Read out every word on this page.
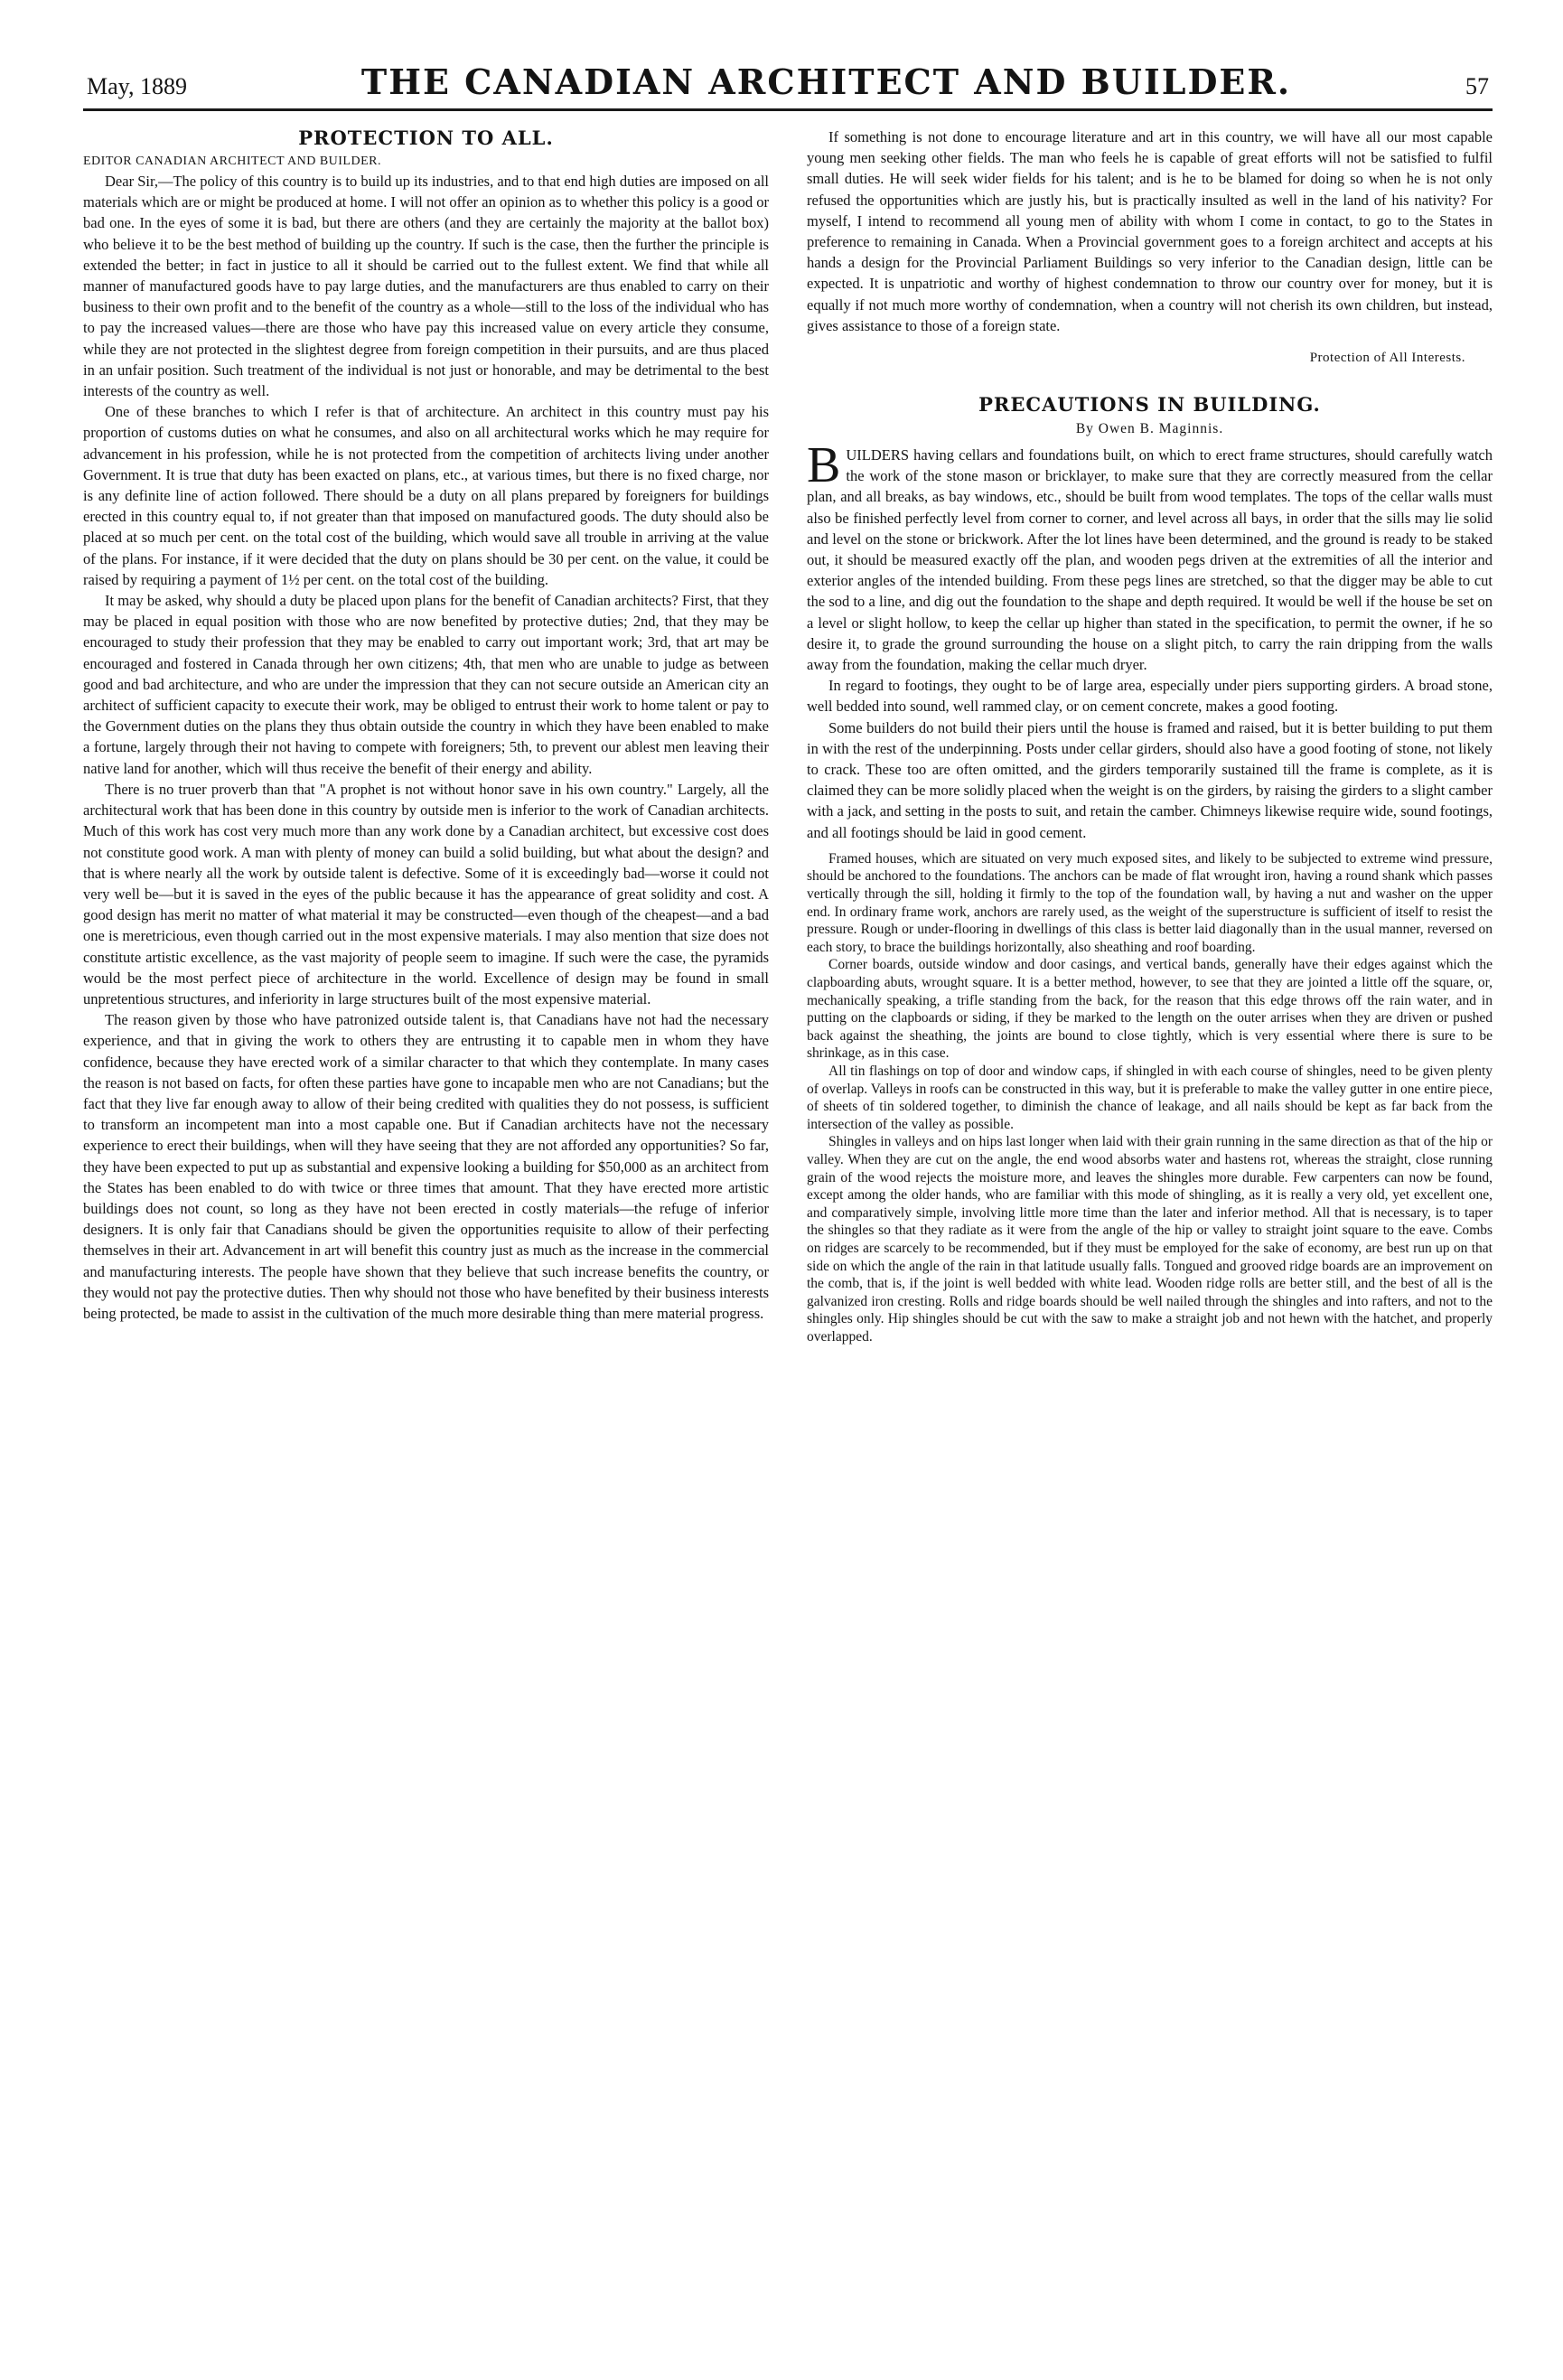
May, 1889	THE CANADIAN ARCHITECT AND BUILDER.	57
PROTECTION TO ALL.
EDITOR CANADIAN ARCHITECT AND BUILDER.

Dear Sir,—The policy of this country is to build up its industries, and to that end high duties are imposed on all materials which are or might be produced at home. I will not offer an opinion as to whether this policy is a good or bad one. In the eyes of some it is bad, but there are others (and they are certainly the majority at the ballot box) who believe it to be the best method of building up the country. If such is the case, then the further the principle is extended the better; in fact in justice to all it should be carried out to the fullest extent. We find that while all manner of manufactured goods have to pay large duties, and the manufacturers are thus enabled to carry on their business to their own profit and to the benefit of the country as a whole—still to the loss of the individual who has to pay the increased values—there are those who have pay this increased value on every article they consume, while they are not protected in the slightest degree from foreign competition in their pursuits, and are thus placed in an unfair position. Such treatment of the individual is not just or honorable, and may be detrimental to the best interests of the country as well.

One of these branches to which I refer is that of architecture. An architect in this country must pay his proportion of customs duties on what he consumes, and also on all architectural works which he may require for advancement in his profession, while he is not protected from the competition of architects living under another Government. It is true that duty has been exacted on plans, etc., at various times, but there is no fixed charge, nor is any definite line of action followed. There should be a duty on all plans prepared by foreigners for buildings erected in this country equal to, if not greater than that imposed on manufactured goods. The duty should also be placed at so much per cent. on the total cost of the building, which would save all trouble in arriving at the value of the plans. For instance, if it were decided that the duty on plans should be 30 per cent. on the value, it could be raised by requiring a payment of 1½ per cent. on the total cost of the building.

It may be asked, why should a duty be placed upon plans for the benefit of Canadian architects? First, that they may be placed in equal position with those who are now benefited by protective duties; 2nd, that they may be encouraged to study their profession that they may be enabled to carry out important work; 3rd, that art may be encouraged and fostered in Canada through her own citizens; 4th, that men who are unable to judge as between good and bad architecture, and who are under the impression that they can not secure outside an American city an architect of sufficient capacity to execute their work, may be obliged to entrust their work to home talent or pay to the Government duties on the plans they thus obtain outside the country in which they have been enabled to make a fortune, largely through their not having to compete with foreigners; 5th, to prevent our ablest men leaving their native land for another, which will thus receive the benefit of their energy and ability.

There is no truer proverb than that "A prophet is not without honor save in his own country." Largely, all the architectural work that has been done in this country by outside men is inferior to the work of Canadian architects. Much of this work has cost very much more than any work done by a Canadian architect, but excessive cost does not constitute good work. A man with plenty of money can build a solid building, but what about the design? and that is where nearly all the work by outside talent is defective. Some of it is exceedingly bad—worse it could not very well be—but it is saved in the eyes of the public because it has the appearance of great solidity and cost. A good design has merit no matter of what material it may be constructed—even though of the cheapest—and a bad one is meretricious, even though carried out in the most expensive materials. I may also mention that size does not constitute artistic excellence, as the vast majority of people seem to imagine. If such were the case, the pyramids would be the most perfect piece of architecture in the world. Excellence of design may be found in small unpretentious structures, and inferiority in large structures built of the most expensive material.

The reason given by those who have patronized outside talent is, that Canadians have not had the necessary experience, and that in giving the work to others they are entrusting it to capable men in whom they have confidence, because they have erected work of a similar character to that which they contemplate. In many cases the reason is not based on facts, for often these parties have gone to incapable men who are not Canadians; but the fact that they live far enough away to allow of their being credited with qualities they do not possess, is sufficient to transform an incompetent man into a most capable one. But if Canadian architects have not the necessary experience to erect their buildings, when will they have seeing that they are not afforded any opportunities? So far, they have been expected to put up as substantial and expensive looking a building for $50,000 as an architect from the States has been enabled to do with twice or three times that amount. That they have erected more artistic buildings does not count, so long as they have not been erected in costly materials—the refuge of inferior designers. It is only fair that Canadians should be given the opportunities requisite to allow of their perfecting themselves in their art. Advancement in art will benefit this country just as much as the increase in the commercial and manufacturing interests. The people have shown that they believe that such increase benefits the country, or they would not pay the protective duties. Then why should not those who have benefited by their business interests being protected, be made to assist in the cultivation of the much more desirable thing than mere material progress.

If something is not done to encourage literature and art in this country, we will have all our most capable young men seeking other fields. The man who feels he is capable of great efforts will not be satisfied to fulfil small duties. He will seek wider fields for his talent; and is he to be blamed for doing so when he is not only refused the opportunities which are justly his, but is practically insulted as well in the land of his nativity? For myself, I intend to recommend all young men of ability with whom I come in contact, to go to the States in preference to remaining in Canada. When a Provincial government goes to a foreign architect and accepts at his hands a design for the Provincial Parliament Buildings so very inferior to the Canadian design, little can be expected. It is unpatriotic and worthy of highest condemnation to throw our country over for money, but it is equally if not much more worthy of condemnation, when a country will not cherish its own children, but instead, gives assistance to those of a foreign state.

Protection of All Interests.
PRECAUTIONS IN BUILDING.
By Owen B. Maginnis.
B UILDERS having cellars and foundations built, on which to erect frame structures, should carefully watch the work of the stone mason or bricklayer, to make sure that they are correctly measured from the cellar plan, and all breaks, as bay windows, etc., should be built from wood templates. The tops of the cellar walls must also be finished perfectly level from corner to corner, and level across all bays, in order that the sills may lie solid and level on the stone or brickwork. After the lot lines have been determined, and the ground is ready to be staked out, it should be measured exactly off the plan, and wooden pegs driven at the extremities of all the interior and exterior angles of the intended building. From these pegs lines are stretched, so that the digger may be able to cut the sod to a line, and dig out the foundation to the shape and depth required. It would be well if the house be set on a level or slight hollow, to keep the cellar up higher than stated in the specification, to permit the owner, if he so desire it, to grade the ground surrounding the house on a slight pitch, to carry the rain dripping from the walls away from the foundation, making the cellar much dryer.

In regard to footings, they ought to be of large area, especially under piers supporting girders. A broad stone, well bedded into sound, well rammed clay, or on cement concrete, makes a good footing.

Some builders do not build their piers until the house is framed and raised, but it is better building to put them in with the rest of the underpinning. Posts under cellar girders, should also have a good footing of stone, not likely to crack. These too are often omitted, and the girders temporarily sustained till the frame is complete, as it is claimed they can be more solidly placed when the weight is on the girders, by raising the girders to a slight camber with a jack, and setting in the posts to suit, and retain the camber. Chimneys likewise require wide, sound footings, and all footings should be laid in good cement.

Framed houses, which are situated on very much exposed sites, and likely to be subjected to extreme wind pressure, should be anchored to the foundations. The anchors can be made of flat wrought iron, having a round shank which passes vertically through the sill, holding it firmly to the top of the foundation wall, by having a nut and washer on the upper end. In ordinary frame work, anchors are rarely used, as the weight of the superstructure is sufficient of itself to resist the pressure. Rough or under-flooring in dwellings of this class is better laid diagonally than in the usual manner, reversed on each story, to brace the buildings horizontally, also sheathing and roof boarding.

Corner boards, outside window and door casings, and vertical bands, generally have their edges against which the clapboarding abuts, wrought square. It is a better method, however, to see that they are jointed a little off the square, or, mechanically speaking, a trifle standing from the back, for the reason that this edge throws off the rain water, and in putting on the clapboards or siding, if they be marked to the length on the outer arrises when they are driven or pushed back against the sheathing, the joints are bound to close tightly, which is very essential where there is sure to be shrinkage, as in this case.

All tin flashings on top of door and window caps, if shingled in with each course of shingles, need to be given plenty of overlap. Valleys in roofs can be constructed in this way, but it is preferable to make the valley gutter in one entire piece, of sheets of tin soldered together, to diminish the chance of leakage, and all nails should be kept as far back from the intersection of the valley as possible.

Shingles in valleys and on hips last longer when laid with their grain running in the same direction as that of the hip or valley. When they are cut on the angle, the end wood absorbs water and hastens rot, whereas the straight, close running grain of the wood rejects the moisture more, and leaves the shingles more durable. Few carpenters can now be found, except among the older hands, who are familiar with this mode of shingling, as it is really a very old, yet excellent one, and comparatively simple, involving little more time than the later and inferior method. All that is necessary, is to taper the shingles so that they radiate as it were from the angle of the hip or valley to straight joint square to the eave. Combs on ridges are scarcely to be recommended, but if they must be employed for the sake of economy, are best run up on that side on which the angle of the rain in that latitude usually falls. Tongued and grooved ridge boards are an improvement on the comb, that is, if the joint is well bedded with white lead. Wooden ridge rolls are better still, and the best of all is the galvanized iron cresting. Rolls and ridge boards should be well nailed through the shingles and into rafters, and not to the shingles only. Hip shingles should be cut with the saw to make a straight job and not hewn with the hatchet, and properly overlapped.
